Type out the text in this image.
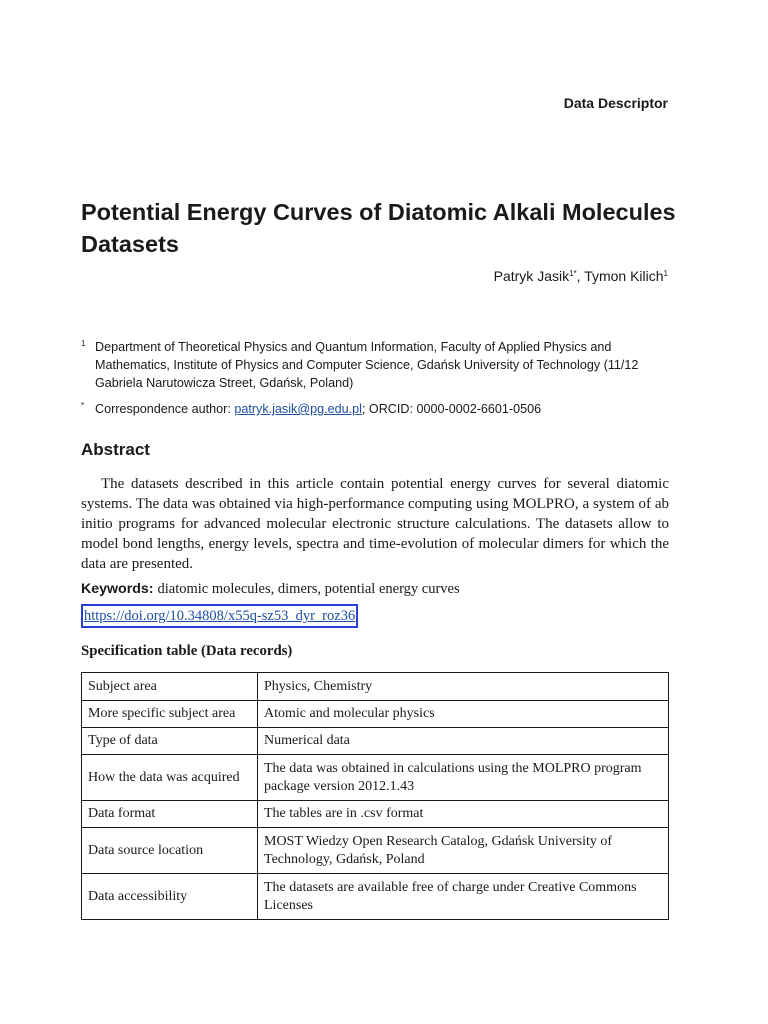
Data Descriptor
Potential Energy Curves of Diatomic Alkali Molecules Datasets
Patryk Jasik$^{1*}$, Tymon Kilich$^1$
1 Department of Theoretical Physics and Quantum Information, Faculty of Applied Physics and Mathematics, Institute of Physics and Computer Science, Gdańsk University of Technology (11/12 Gabriela Narutowicza Street, Gdańsk, Poland)
* Correspondence author: patryk.jasik@pg.edu.pl; ORCID: 0000-0002-6601-0506
Abstract

The datasets described in this article contain potential energy curves for several diatomic systems. The data was obtained via high-performance computing using MOLPRO, a system of ab initio programs for advanced molecular electronic structure calculations. The datasets allow to model bond lengths, energy levels, spectra and time-evolution of molecular dimers for which the data are presented.

Keywords: diatomic molecules, dimers, potential energy curves
https://doi.org/10.34808/x55q-sz53_dyr_roz36
Specification table (Data records)
Subject area	Physics, Chemistry
More specific subject area	Atomic and molecular physics
Type of data	Numerical data
How the data was acquired	The data was obtained in calculations using the MOLPRO program package version 2012.1.43
Data format	The tables are in .csv format
Data source location	MOST Wiedzy Open Research Catalog, Gdańsk University of Technology, Gdańsk, Poland
Data accessibility	The datasets are available free of charge under Creative Commons Licenses
